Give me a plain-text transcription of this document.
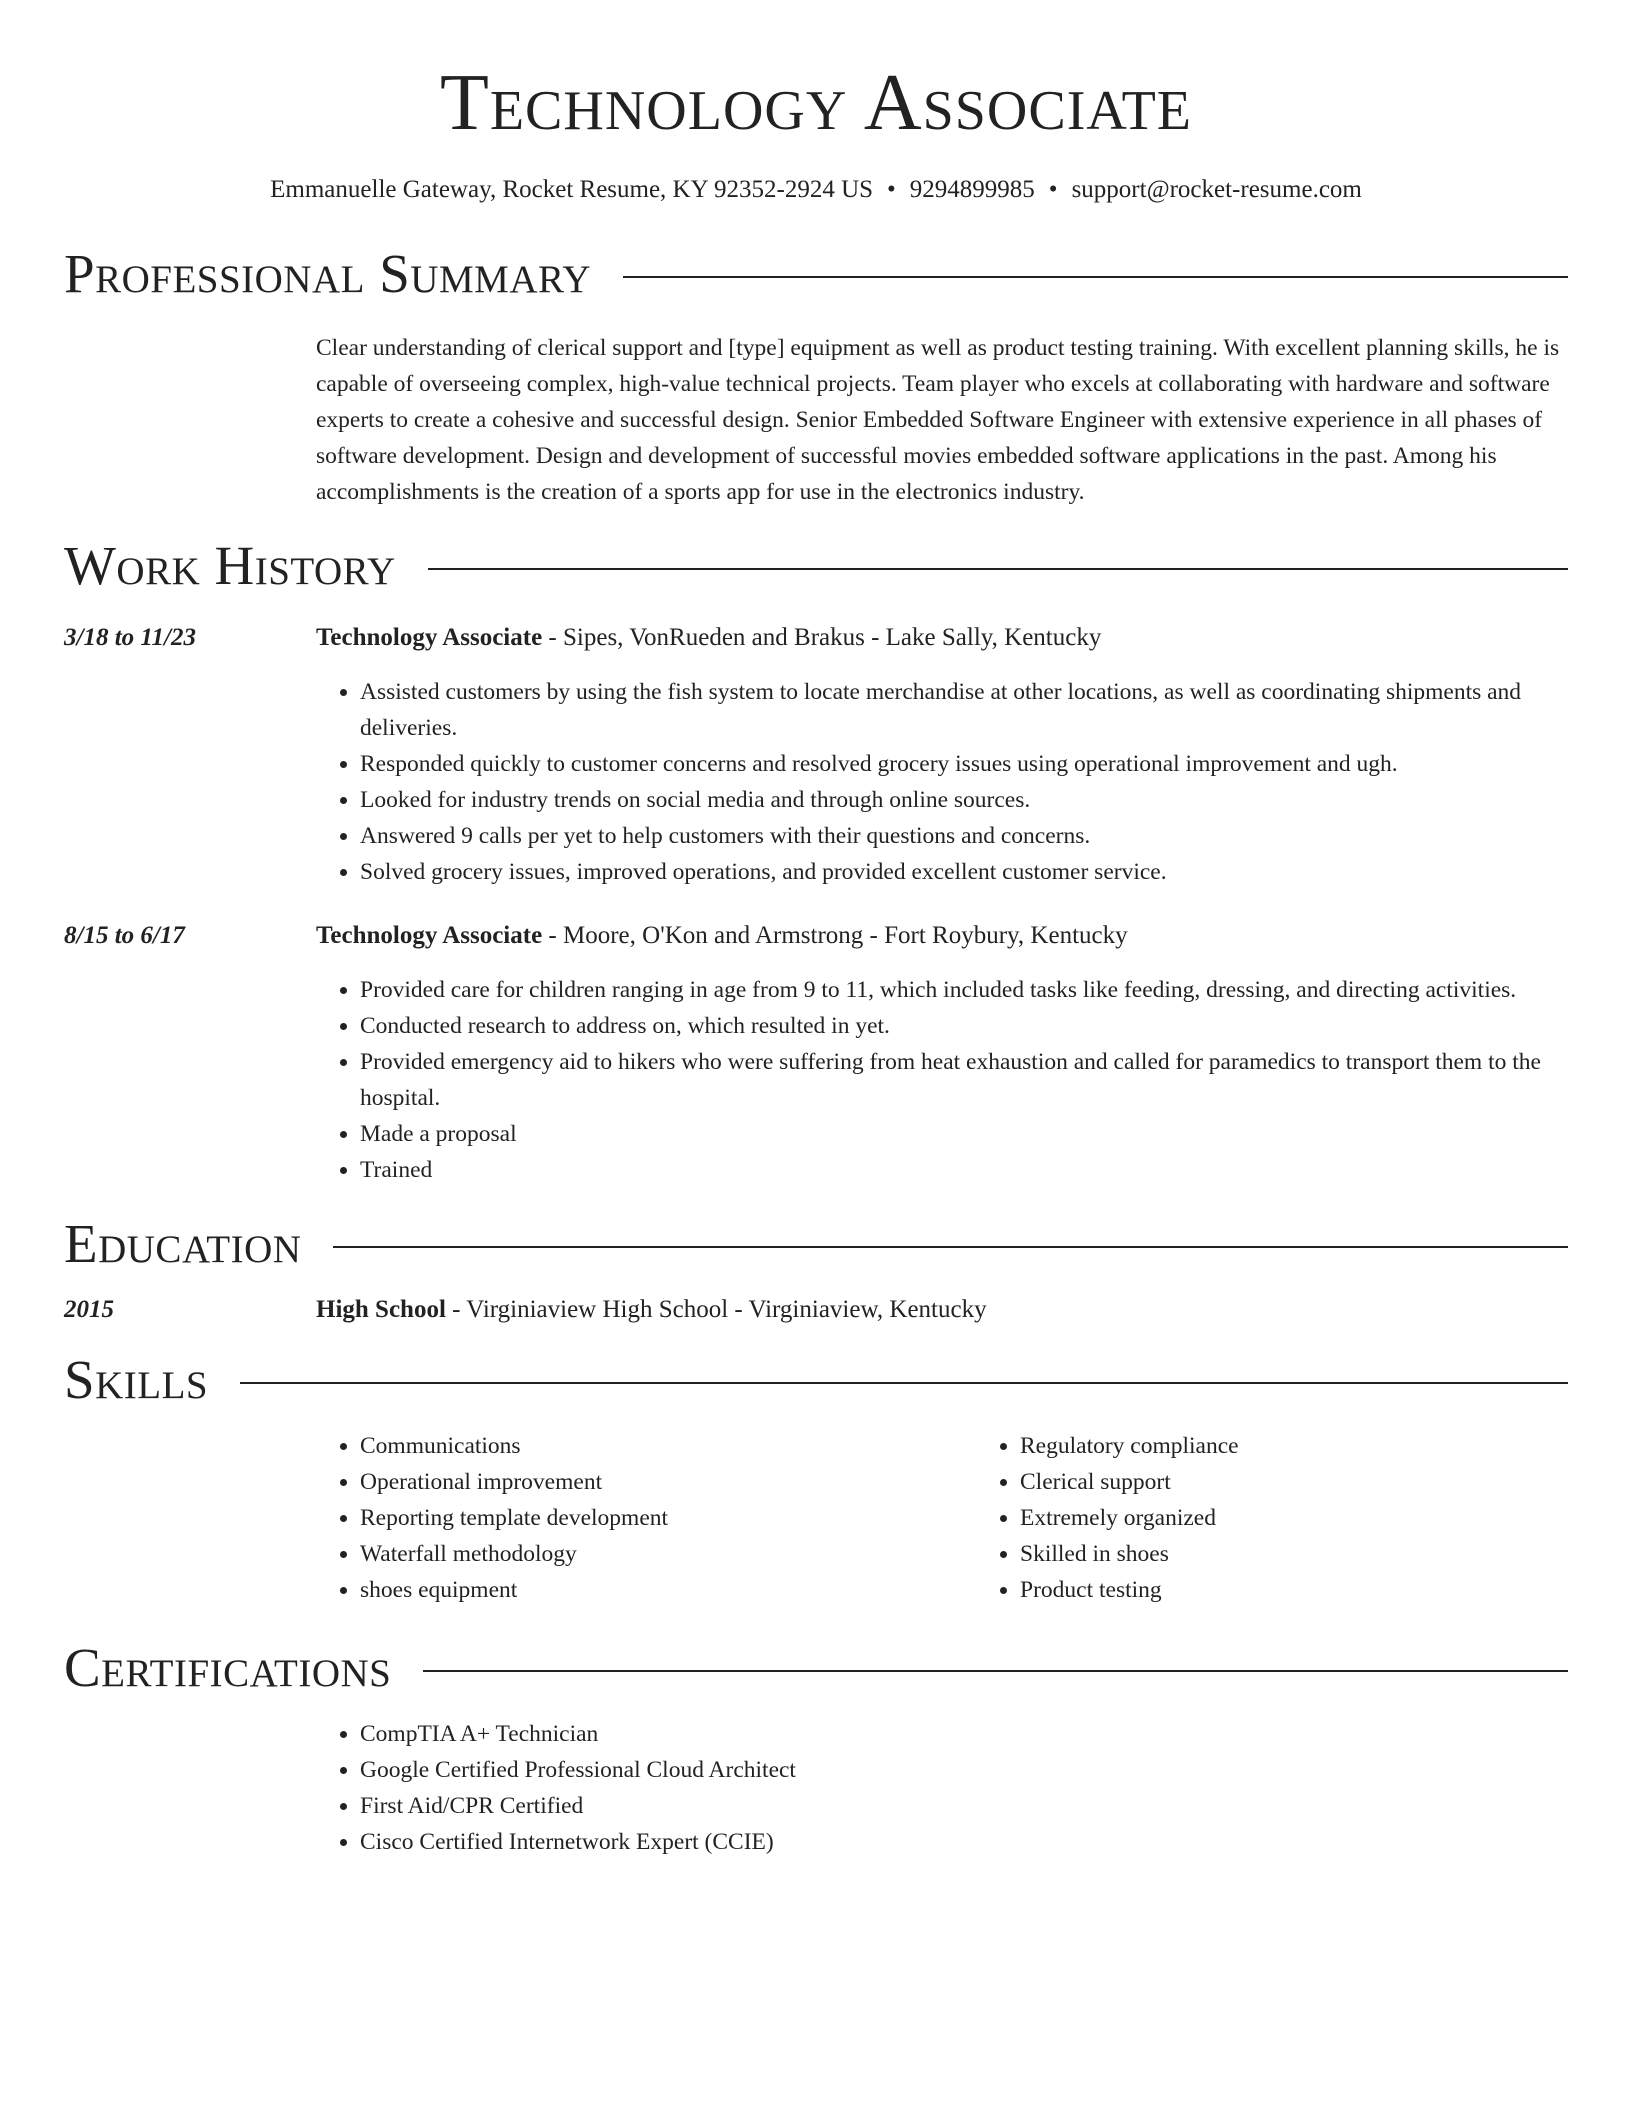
Technology Associate
Emmanuelle Gateway, Rocket Resume, KY 92352-2924 US • 9294899985 • support@rocket-resume.com
Professional Summary

Clear understanding of clerical support and [type] equipment as well as product testing training. With excellent planning skills, he is capable of overseeing complex, high-value technical projects. Team player who excels at collaborating with hardware and software experts to create a cohesive and successful design. Senior Embedded Software Engineer with extensive experience in all phases of software development. Design and development of successful movies embedded software applications in the past. Among his accomplishments is the creation of a sports app for use in the electronics industry.

Work History
3/18 to 11/23	Technology Associate - Sipes, VonRueden and Brakus - Lake Sally, Kentucky
• Assisted customers by using the fish system to locate merchandise at other locations, as well as coordinating shipments and deliveries.
• Responded quickly to customer concerns and resolved grocery issues using operational improvement and ugh.
• Looked for industry trends on social media and through online sources.
• Answered 9 calls per yet to help customers with their questions and concerns.
• Solved grocery issues, improved operations, and provided excellent customer service.
8/15 to 6/17	Technology Associate - Moore, O'Kon and Armstrong - Fort Roybury, Kentucky
• Provided care for children ranging in age from 9 to 11, which included tasks like feeding, dressing, and directing activities.
• Conducted research to address on, which resulted in yet.
• Provided emergency aid to hikers who were suffering from heat exhaustion and called for paramedics to transport them to the hospital.
• Made a proposal
• Trained
Education
2015	High School - Virginiaview High School - Virginiaview, Kentucky
Skills
• Communications
• Operational improvement
• Reporting template development
• Waterfall methodology
• shoes equipment
• Regulatory compliance
• Clerical support
• Extremely organized
• Skilled in shoes
• Product testing
Certifications
• CompTIA A+ Technician
• Google Certified Professional Cloud Architect
• First Aid/CPR Certified
• Cisco Certified Internetwork Expert (CCIE)
